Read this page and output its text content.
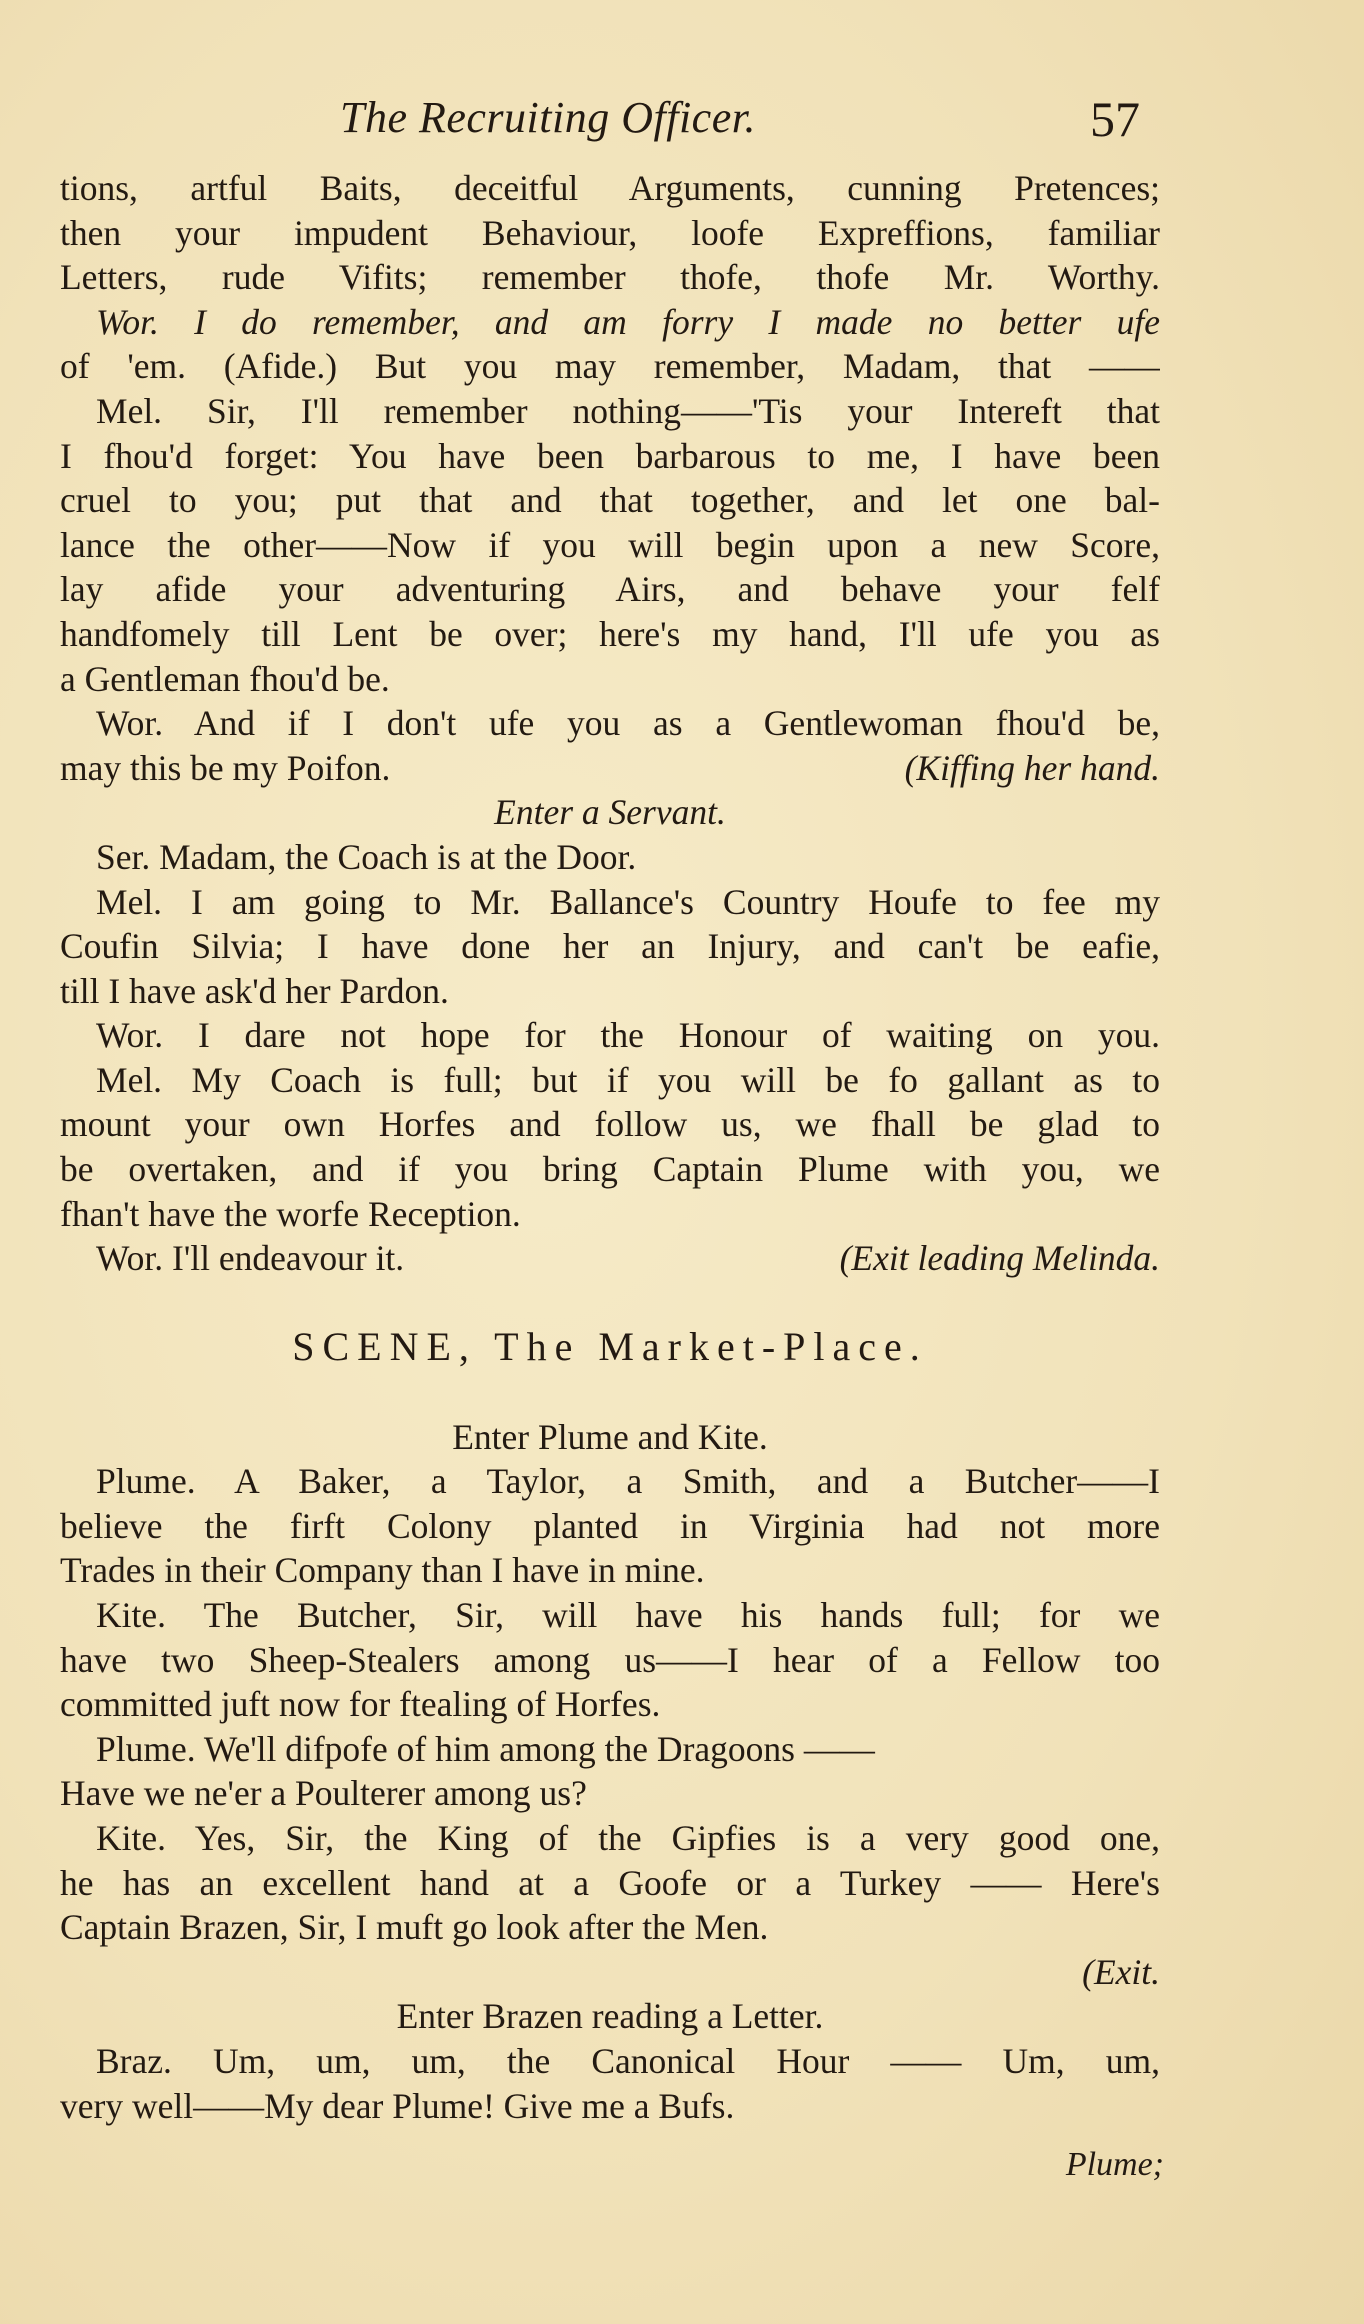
The Recruiting Officer.	57
tions, artful Baits, deceitful Arguments, cunning Pretences;
then your impudent Behaviour, loofe Expreffions, familiar
Letters, rude Vifits; remember thofe, thofe Mr. Worthy.
Wor. I do remember, and am forry I made no better ufe
of 'em. (Afide.) But you may remember, Madam, that ——
Mel. Sir, I'll remember nothing——'Tis your Intereft that
I fhou'd forget: You have been barbarous to me, I have been
cruel to you; put that and that together, and let one bal-
lance the other——Now if you will begin upon a new Score,
lay afide your adventuring Airs, and behave your felf
handfomely till Lent be over; here's my hand, I'll ufe you as
a Gentleman fhou'd be.
Wor. And if I don't ufe you as a Gentlewoman fhou'd be,
may this be my Poifon.	(Kiffing her hand.
Enter a Servant.
Ser. Madam, the Coach is at the Door.
Mel. I am going to Mr. Ballance's Country Houfe to fee my
Coufin Silvia; I have done her an Injury, and can't be eafie,
till I have ask'd her Pardon.
Wor. I dare not hope for the Honour of waiting on you.
Mel. My Coach is full; but if you will be fo gallant as to
mount your own Horfes and follow us, we fhall be glad to
be overtaken, and if you bring Captain Plume with you, we
fhan't have the worfe Reception.
Wor. I'll endeavour it.	(Exit leading Melinda.
SCENE, The Market-Place.
Enter Plume and Kite.
Plume. A Baker, a Taylor, a Smith, and a Butcher——I
believe the firft Colony planted in Virginia had not more
Trades in their Company than I have in mine.
Kite. The Butcher, Sir, will have his hands full; for we
have two Sheep-Stealers among us——I hear of a Fellow too
committed juft now for ftealing of Horfes.
Plume. We'll difpofe of him among the Dragoons ——
Have we ne'er a Poulterer among us?
Kite. Yes, Sir, the King of the Gipfies is a very good one,
he has an excellent hand at a Goofe or a Turkey —— Here's
Captain Brazen, Sir, I muft go look after the Men.
(Exit.
Enter Brazen reading a Letter.
Braz. Um, um, um, the Canonical Hour —— Um, um,
very well——My dear Plume! Give me a Bufs.
Plume;
